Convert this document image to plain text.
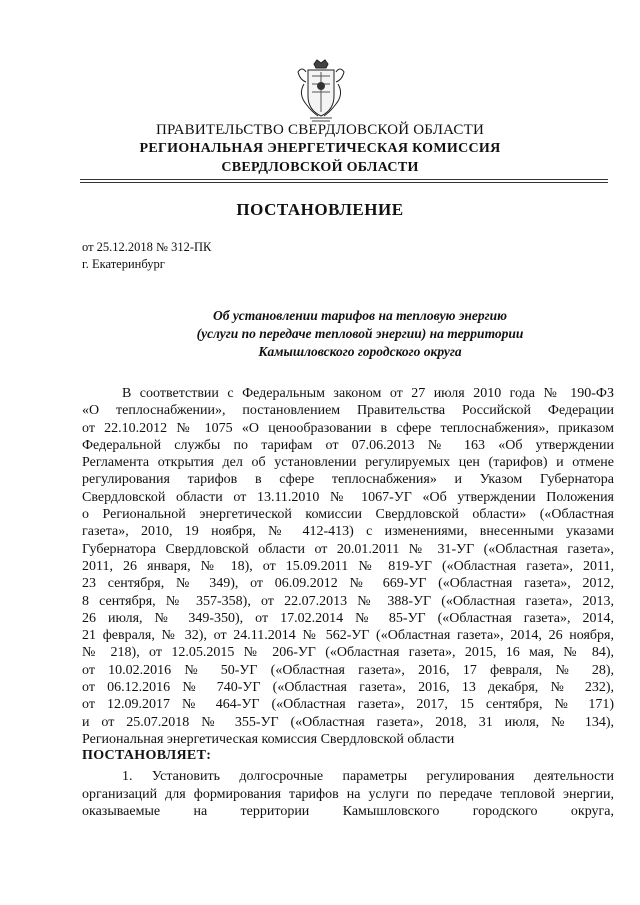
ПРАВИТЕЛЬСТВО СВЕРДЛОВСКОЙ ОБЛАСТИ
РЕГИОНАЛЬНАЯ ЭНЕРГЕТИЧЕСКАЯ КОМИССИЯ
СВЕРДЛОВСКОЙ ОБЛАСТИ
ПОСТАНОВЛЕНИЕ
от 25.12.2018 № 312-ПК
г. Екатеринбург
Об установлении тарифов на тепловую энергию
(услуги по передаче тепловой энергии) на территории
Камышловского городского округа
В соответствии с Федеральным законом от 27 июля 2010 года № 190-ФЗ
«О теплоснабжении», постановлением Правительства Российской Федерации
от 22.10.2012 № 1075 «О ценообразовании в сфере теплоснабжения», приказом
Федеральной службы по тарифам от 07.06.2013 № 163 «Об утверждении
Регламента открытия дел об установлении регулируемых цен (тарифов) и отмене
регулирования тарифов в сфере теплоснабжения» и Указом Губернатора
Свердловской области от 13.11.2010 № 1067-УГ «Об утверждении Положения
о Региональной энергетической комиссии Свердловской области» («Областная
газета», 2010, 19 ноября, № 412-413) с изменениями, внесенными указами
Губернатора Свердловской области от 20.01.2011 № 31-УГ («Областная газета»,
2011, 26 января, № 18), от 15.09.2011 № 819-УГ («Областная газета», 2011,
23 сентября, № 349), от 06.09.2012 № 669-УГ («Областная газета», 2012,
8 сентября, № 357-358), от 22.07.2013 № 388-УГ («Областная газета», 2013,
26 июля, № 349-350), от 17.02.2014 № 85-УГ («Областная газета», 2014,
21 февраля, № 32), от 24.11.2014 № 562-УГ («Областная газета», 2014, 26 ноября,
№ 218), от 12.05.2015 № 206-УГ («Областная газета», 2015, 16 мая, № 84),
от 10.02.2016 № 50-УГ («Областная газета», 2016, 17 февраля, № 28),
от 06.12.2016 № 740-УГ («Областная газета», 2016, 13 декабря, № 232),
от 12.09.2017 № 464-УГ («Областная газета», 2017, 15 сентября, № 171)
и от 25.07.2018 № 355-УГ («Областная газета», 2018, 31 июля, № 134),
Региональная энергетическая комиссия Свердловской области
ПОСТАНОВЛЯЕТ:
1. Установить долгосрочные параметры регулирования деятельности
организаций для формирования тарифов на услуги по передаче тепловой энергии,
оказываемые на территории Камышловского городского округа,
